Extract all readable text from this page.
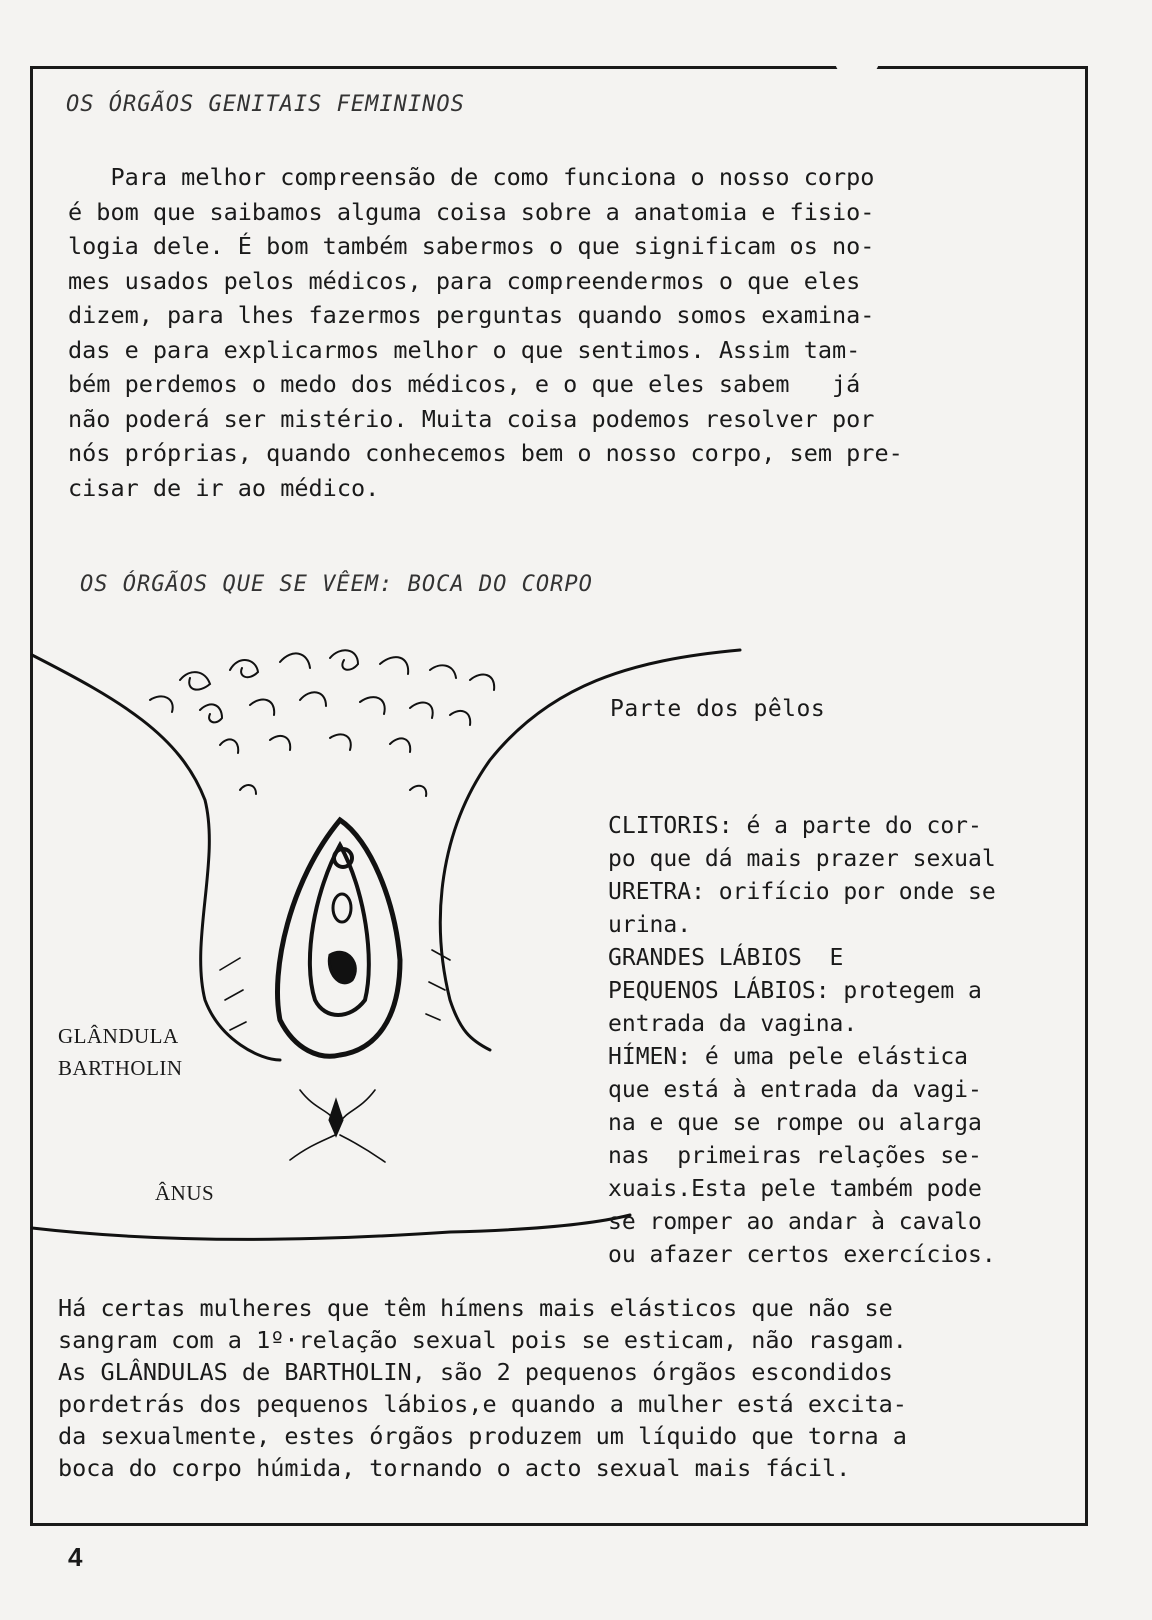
OS ÓRGÃOS GENITAIS FEMININOS

Para melhor compreensão de como funciona o nosso corpo

é bom que saibamos alguma coisa sobre a anatomia e fisio-

logia dele. É bom também sabermos o que significam os no-

mes usados pelos médicos, para compreendermos o que eles

dizem, para lhes fazermos perguntas quando somos examina-

das e para explicarmos melhor o que sentimos. Assim tam-

bém perdemos o medo dos médicos, e o que eles sabem   já

não poderá ser mistério. Muita coisa podemos resolver por

nós próprias, quando conhecemos bem o nosso corpo, sem pre-

cisar de ir ao médico.

OS ÓRGÃOS QUE SE VÊEM: BOCA DO CORPO
Parte dos pêlos
GLÂNDULA
BARTHOLIN
ÂNUS

CLITORIS: é a parte do cor-

po que dá mais prazer sexual

URETRA: orifício por onde se

urina.

GRANDES LÁBIOS  E

PEQUENOS LÁBIOS: protegem a

entrada da vagina.

HÍMEN: é uma pele elástica

que está à entrada da vagi-

na e que se rompe ou alarga

nas  primeiras relações se-

xuais.Esta pele também pode

se romper ao andar à cavalo

ou afazer certos exercícios.

Há certas mulheres que têm hímens mais elásticos que não se

sangram com a 1º·relação sexual pois se esticam, não rasgam.

As GLÂNDULAS de BARTHOLIN, são 2 pequenos órgãos escondidos

pordetrás dos pequenos lábios,e quando a mulher está excita-

da sexualmente, estes órgãos produzem um líquido que torna a

boca do corpo húmida, tornando o acto sexual mais fácil.

4
